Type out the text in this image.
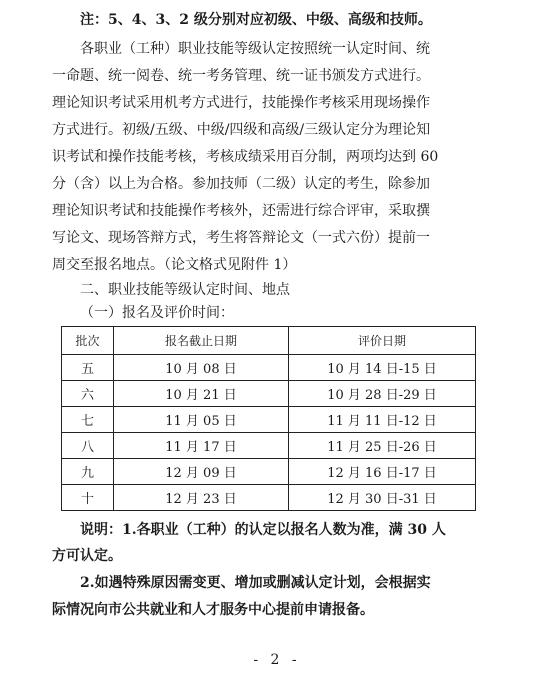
注：5、4、3、2 级分别对应初级、中级、高级和技师。
各职业（工种）职业技能等级认定按照统一认定时间、统
一命题、统一阅卷、统一考务管理、统一证书颁发方式进行。
理论知识考试采用机考方式进行，技能操作考核采用现场操作
方式进行。初级/五级、中级/四级和高级/三级认定分为理论知
识考试和操作技能考核，考核成绩采用百分制，两项均达到 60
分（含）以上为合格。参加技师（二级）认定的考生，除参加
理论知识考试和技能操作考核外，还需进行综合评审，采取撰
写论文、现场答辩方式，考生将答辩论文（一式六份）提前一
周交至报名地点。（论文格式见附件 1）
二、职业技能等级认定时间、地点
（一）报名及评价时间：
批次	报名截止日期	评价日期
五	10 月 08 日	10 月 14 日-15 日
六	10 月 21 日	10 月 28 日-29 日
七	11 月 05 日	11 月 11 日-12 日
八	11 月 17 日	11 月 25 日-26 日
九	12 月 09 日	12 月 16 日-17 日
十	12 月 23 日	12 月 30 日-31 日
说明：1.各职业（工种）的认定以报名人数为准，满 30 人
方可认定。
2.如遇特殊原因需变更、增加或删减认定计划，会根据实
际情况向市公共就业和人才服务中心提前申请报备。
- 2 -
